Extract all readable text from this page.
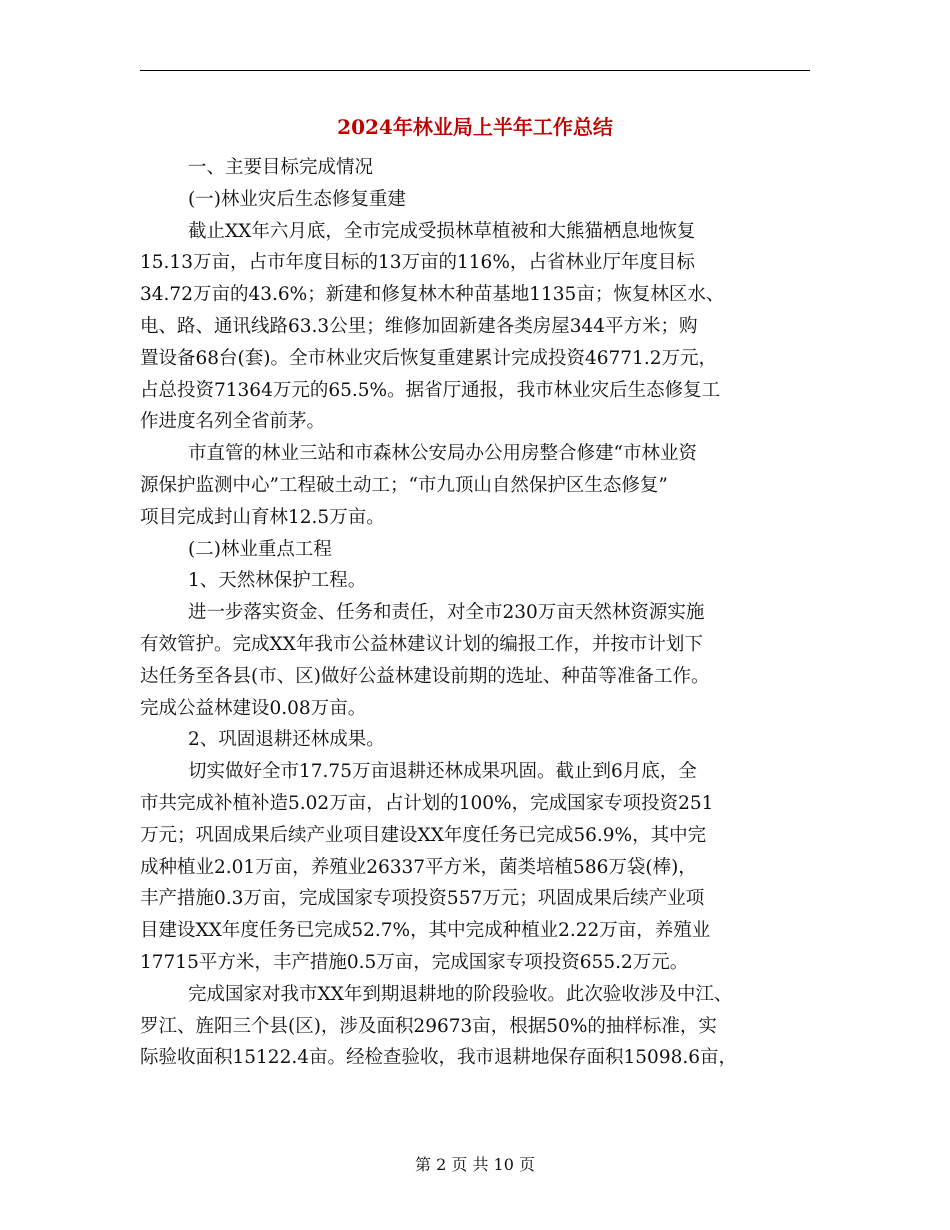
2024年林业局上半年工作总结
一、主要目标完成情况
(一)林业灾后生态修复重建
截止XX年六月底，全市完成受损林草植被和大熊猫栖息地恢复
15.13万亩，占市年度目标的13万亩的116%，占省林业厅年度目标
34.72万亩的43.6%；新建和修复林木种苗基地1135亩；恢复林区水、
电、路、通讯线路63.3公里；维修加固新建各类房屋344平方米；购
置设备68台(套)。全市林业灾后恢复重建累计完成投资46771.2万元，
占总投资71364万元的65.5%。据省厅通报，我市林业灾后生态修复工
作进度名列全省前茅。
市直管的林业三站和市森林公安局办公用房整合修建“市林业资
源保护监测中心”工程破土动工；“市九顶山自然保护区生态修复”
项目完成封山育林12.5万亩。
(二)林业重点工程
1、天然林保护工程。
进一步落实资金、任务和责任，对全市230万亩天然林资源实施
有效管护。完成XX年我市公益林建议计划的编报工作，并按市计划下
达任务至各县(市、区)做好公益林建设前期的选址、种苗等准备工作。
完成公益林建设0.08万亩。
2、巩固退耕还林成果。
切实做好全市17.75万亩退耕还林成果巩固。截止到6月底，全
市共完成补植补造5.02万亩，占计划的100%，完成国家专项投资251
万元；巩固成果后续产业项目建设XX年度任务已完成56.9%，其中完
成种植业2.01万亩，养殖业26337平方米，菌类培植586万袋(棒)，
丰产措施0.3万亩，完成国家专项投资557万元；巩固成果后续产业项
目建设XX年度任务已完成52.7%，其中完成种植业2.22万亩，养殖业
17715平方米，丰产措施0.5万亩，完成国家专项投资655.2万元。
完成国家对我市XX年到期退耕地的阶段验收。此次验收涉及中江、
罗江、旌阳三个县(区)，涉及面积29673亩，根据50%的抽样标准，实
际验收面积15122.4亩。经检查验收，我市退耕地保存面积15098.6亩，
第 2 页 共 10 页
